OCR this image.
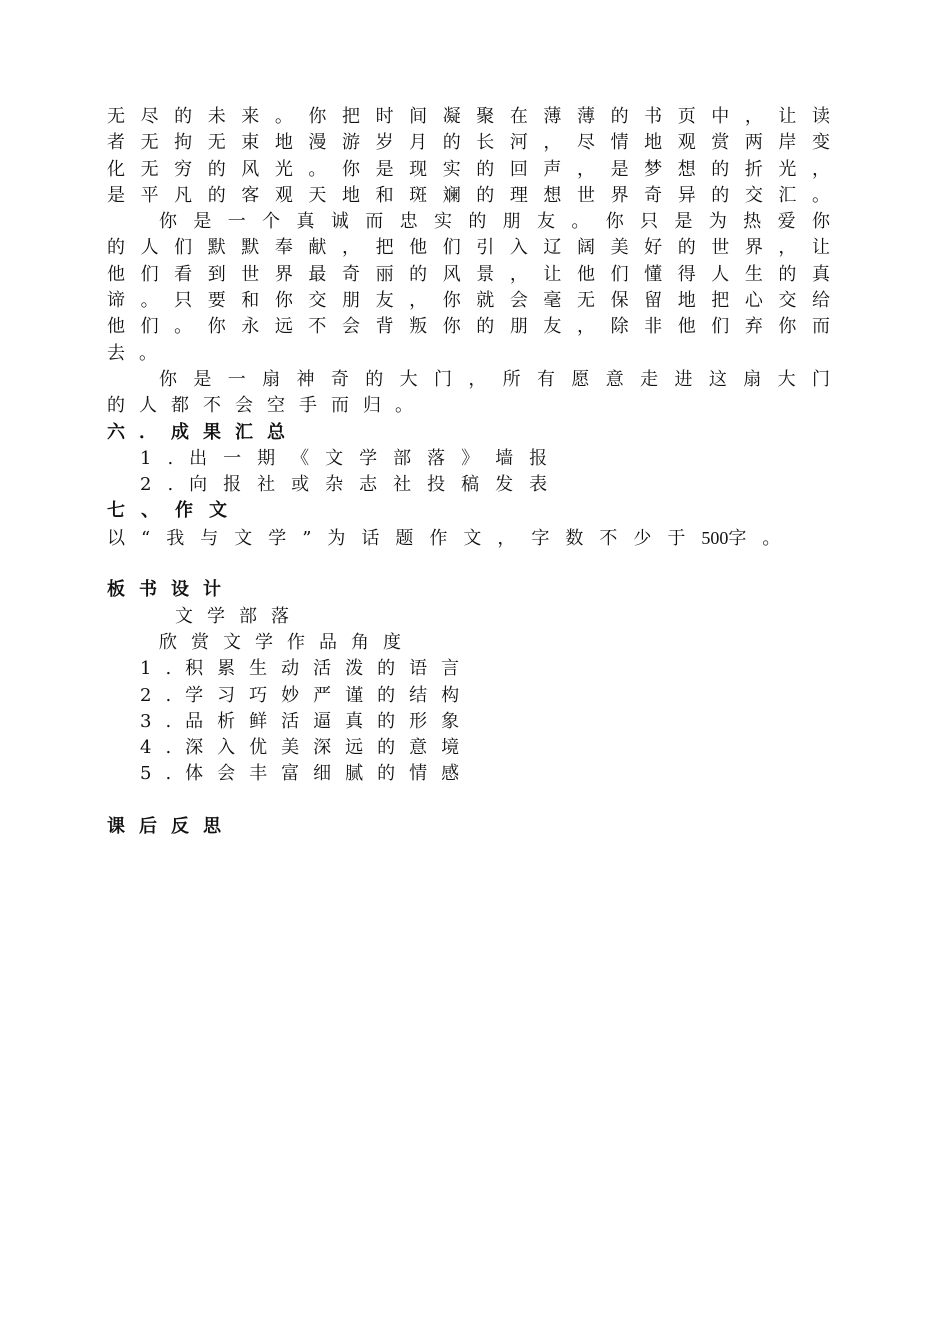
无尽的未来。你把时间凝聚在薄薄的书页中，让读
者无拘无束地漫游岁月的长河，尽情地观赏两岸变
化无穷的风光。你是现实的回声，是梦想的折光，
是平凡的客观天地和斑斓的理想世界奇异的交汇。
你是一个真诚而忠实的朋友。你只是为热爱你
的人们默默奉献，把他们引入辽阔美好的世界，让
他们看到世界最奇丽的风景，让他们懂得人生的真
谛。只要和你交朋友，你就会毫无保留地把心交给
他们。你永远不会背叛你的朋友，除非他们弃你而
去。
你是一扇神奇的大门，所有愿意走进这扇大门
的人都不会空手而归。
六．成果汇总
1.出一期《文学部落》墙报
2.向报社或杂志社投稿发表
七、作文
以“我与文学”为话题作文，字数不少于500字。
板书设计
文学部落
欣赏文学作品角度
1.积累生动活泼的语言
2.学习巧妙严谨的结构
3.品析鲜活逼真的形象
4.深入优美深远的意境
5.体会丰富细腻的情感
课后反思
